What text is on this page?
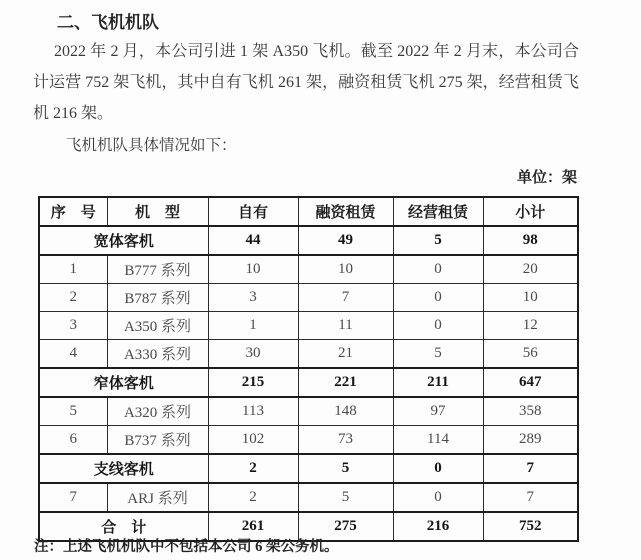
二、飞机机队

2022 年 2 月，本公司引进 1 架 A350 飞机。截至 2022 年 2 月末，本公司合计运营 752 架飞机，其中自有飞机 261 架，融资租赁飞机 275 架，经营租赁飞机 216 架。

飞机机队具体情况如下：

单位：架

序　号	机　型	自有	融资租赁	经营租赁	小计
宽体客机		44	49	5	98
1	B777 系列	10	10	0	20
2	B787 系列	3	7	0	10
3	A350 系列	1	11	0	12
4	A330 系列	30	21	5	56
窄体客机		215	221	211	647
5	A320 系列	113	148	97	358
6	B737 系列	102	73	114	289
支线客机		2	5	0	7
7	ARJ 系列	2	5	0	7
合　计		261	275	216	752

注：上述飞机机队中不包括本公司 6 架公务机。
